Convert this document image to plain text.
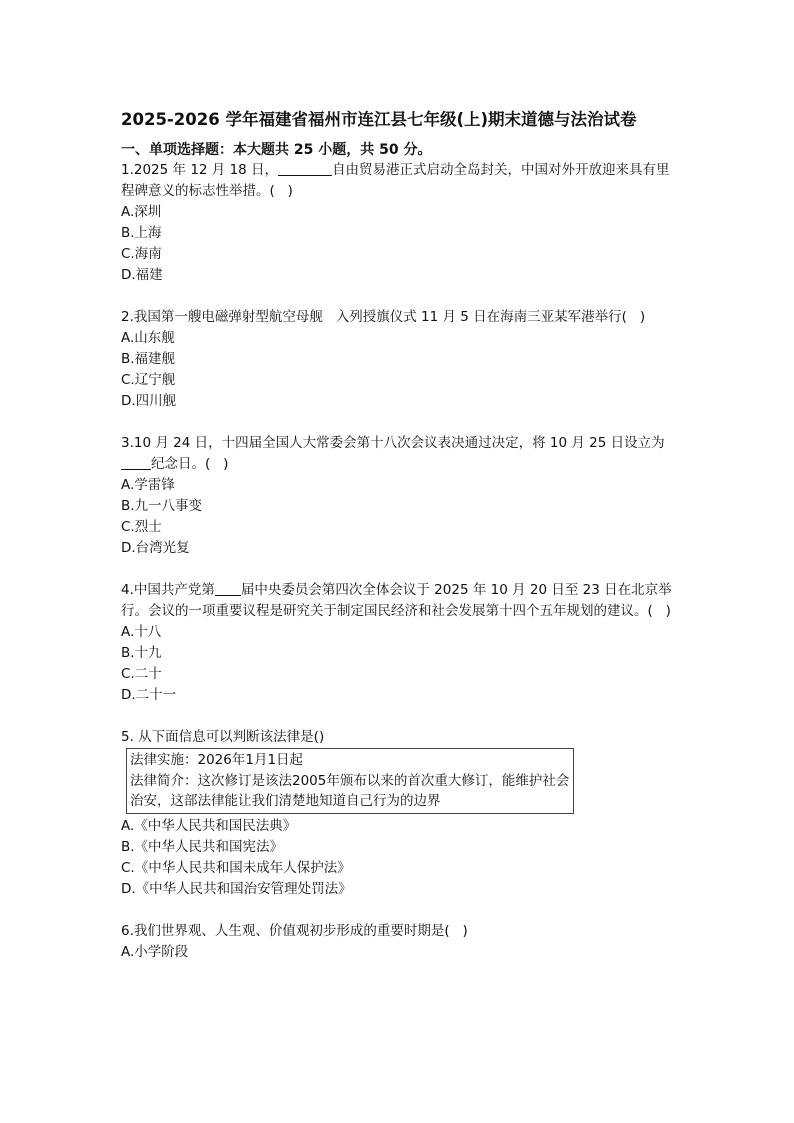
2025-2026 学年福建省福州市连江县七年级(上)期末道德与法治试卷
一、单项选择题：本大题共 25 小题，共 50 分。
1.2025 年 12 月 18 日，	自由贸易港正式启动全岛封关，中国对外开放迎来具有里程碑意义的标志性举措。(   )
A.深圳
B.上海
C.海南
D.福建
2.我国第一艘电磁弹射型航空母舰   入列授旗仪式 11 月 5 日在海南三亚某军港举行(   )
A.山东舰
B.福建舰
C.辽宁舰
D.四川舰
3.10 月 24 日，十四届全国人大常委会第十八次会议表决通过决定，将 10 月 25 日设立为纪念日。(   )
A.学雷锋
B.九一八事变
C.烈士
D.台湾光复
4.中国共产党第 届中央委员会第四次全体会议于 2025 年 10 月 20 日至 23 日在北京举行。会议的一项重要议程是研究关于制定国民经济和社会发展第十四个五年规划的建议。(   )
A.十八
B.十九
C.二十
D.二十一
5. 从下面信息可以判断该法律是()
法律实施：2026年1月1日起
法律简介：这次修订是该法2005年颁布以来的首次重大修订，能维护社会治安，这部法律能让我们清楚地知道自己行为的边界
A.《中华人民共和国民法典》
B.《中华人民共和国宪法》
C.《中华人民共和国未成年人保护法》
D.《中华人民共和国治安管理处罚法》
6.我们世界观、人生观、价值观初步形成的重要时期是(   )
A.小学阶段
